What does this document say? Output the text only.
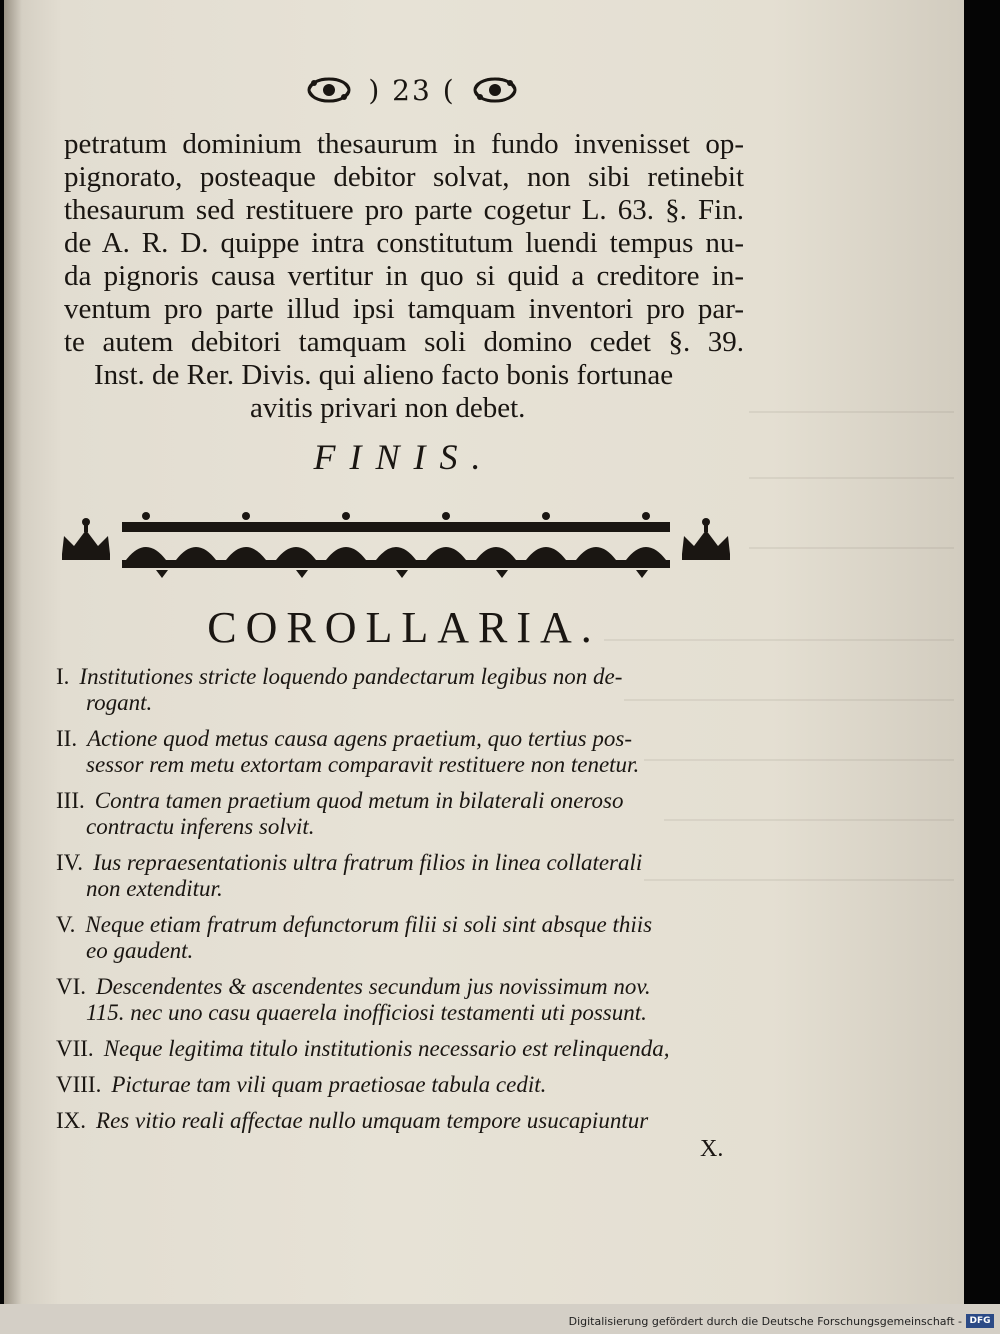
) 23 (
petratum dominium thesaurum in fundo invenisset op-
pignorato, posteaque debitor solvat, non sibi retinebit
thesaurum sed restituere pro parte cogetur L. 63. §. Fin.
de A. R. D. quippe intra constitutum luendi tempus nu-
da pignoris causa vertitur in quo si quid a creditore in-
ventum pro parte illud ipsi tamquam inventori pro par-
te autem debitori tamquam soli domino cedet §. 39.
Inst. de Rer. Divis. qui alieno facto bonis fortunae
avitis privari non debet.
FINIS.
COROLLARIA.
I. Institutiones stricte loquendo pandectarum legibus non de-
rogant.
II. Actione quod metus causa agens praetium, quo tertius pos-
sessor rem metu extortam comparavit restituere non tenetur.
III. Contra tamen praetium quod metum in bilaterali oneroso
contractu inferens solvit.
IV. Ius repraesentationis ultra fratrum filios in linea collaterali
non extenditur.
V. Neque etiam fratrum defunctorum filii si soli sint absque thiis
eo gaudent.
VI. Descendentes & ascendentes secundum jus novissimum nov.
115. nec uno casu quaerela inofficiosi testamenti uti possunt.
VII. Neque legitima titulo institutionis necessario est relinquenda,
VIII. Picturae tam vili quam praetiosae tabula cedit.
IX. Res vitio reali affectae nullo umquam tempore usucapiuntur
X.
Digitalisierung gefördert durch die Deutsche Forschungsgemeinschaft - DFG
